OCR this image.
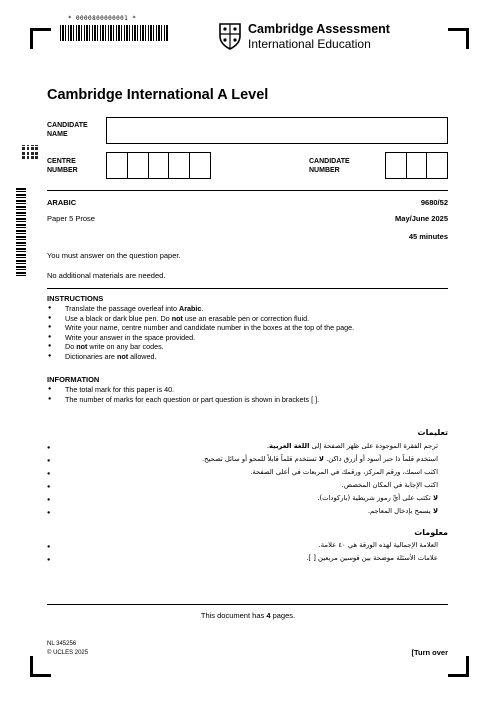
* 0000800000001 *
Cambridge Assessment
International Education
Cambridge International A Level
CANDIDATE
NAME
CENTRE
NUMBER
CANDIDATE
NUMBER
ARABIC	9680/52
Paper 5 Prose	May/June 2025
45 minutes
You must answer on the question paper.
No additional materials are needed.
INSTRUCTIONS
● Translate the passage overleaf into Arabic.
● Use a black or dark blue pen. Do not use an erasable pen or correction fluid.
● Write your name, centre number and candidate number in the boxes at the top of the page.
● Write your answer in the space provided.
● Do not write on any bar codes.
● Dictionaries are not allowed.
INFORMATION
● The total mark for this paper is 40.
● The number of marks for each question or part question is shown in brackets [ ].
تعليمات
ترجم الفقرة الموجودة على ظهر الصفحة إلى اللغة العربية.
استخدم قلماً ذا حبر أسود أو أزرق داكن. لا تستخدم قلماً قابلاً للمحو أو سائل تصحيح.
اكتب اسمك، ورقم المركز، ورقمك في المربعات في أعلى الصفحة.
اكتب الإجابة في المكان المخصص.
لا تكتب على أيِّ رموز شريطية (باركودات).
لا يسمح بإدخال المعاجم.
●
●
●
●
●
●
معلومات
العلامة الإجمالية لهذه الورقة هي ٤٠ علامة.
علامات الأسئلة موضحة بين قوسين مربعين [ ].
●
●
This document has 4 pages.
NL 345256
© UCLES 2025	[Turn over
